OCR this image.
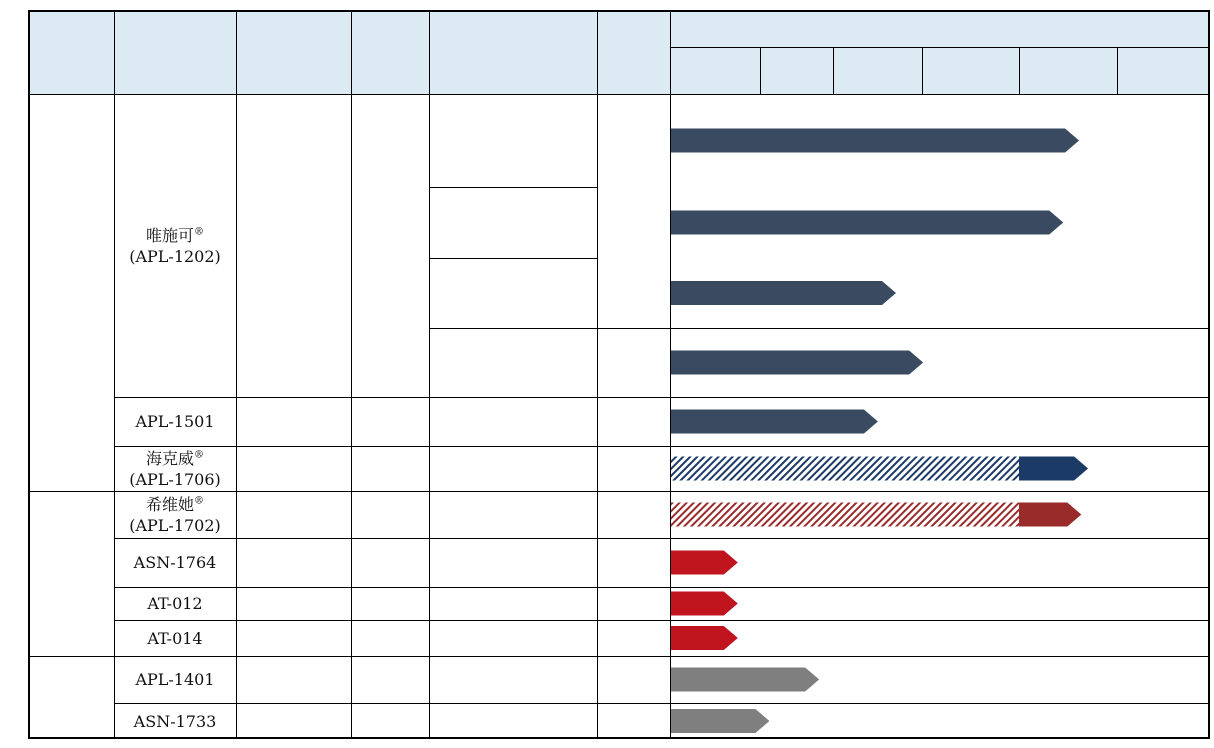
唯施可®
(APL-1202)
APL-1501
海克威®
(APL-1706)
希维她®
(APL-1702)
ASN-1764
AT-012
AT-014
APL-1401
ASN-1733
